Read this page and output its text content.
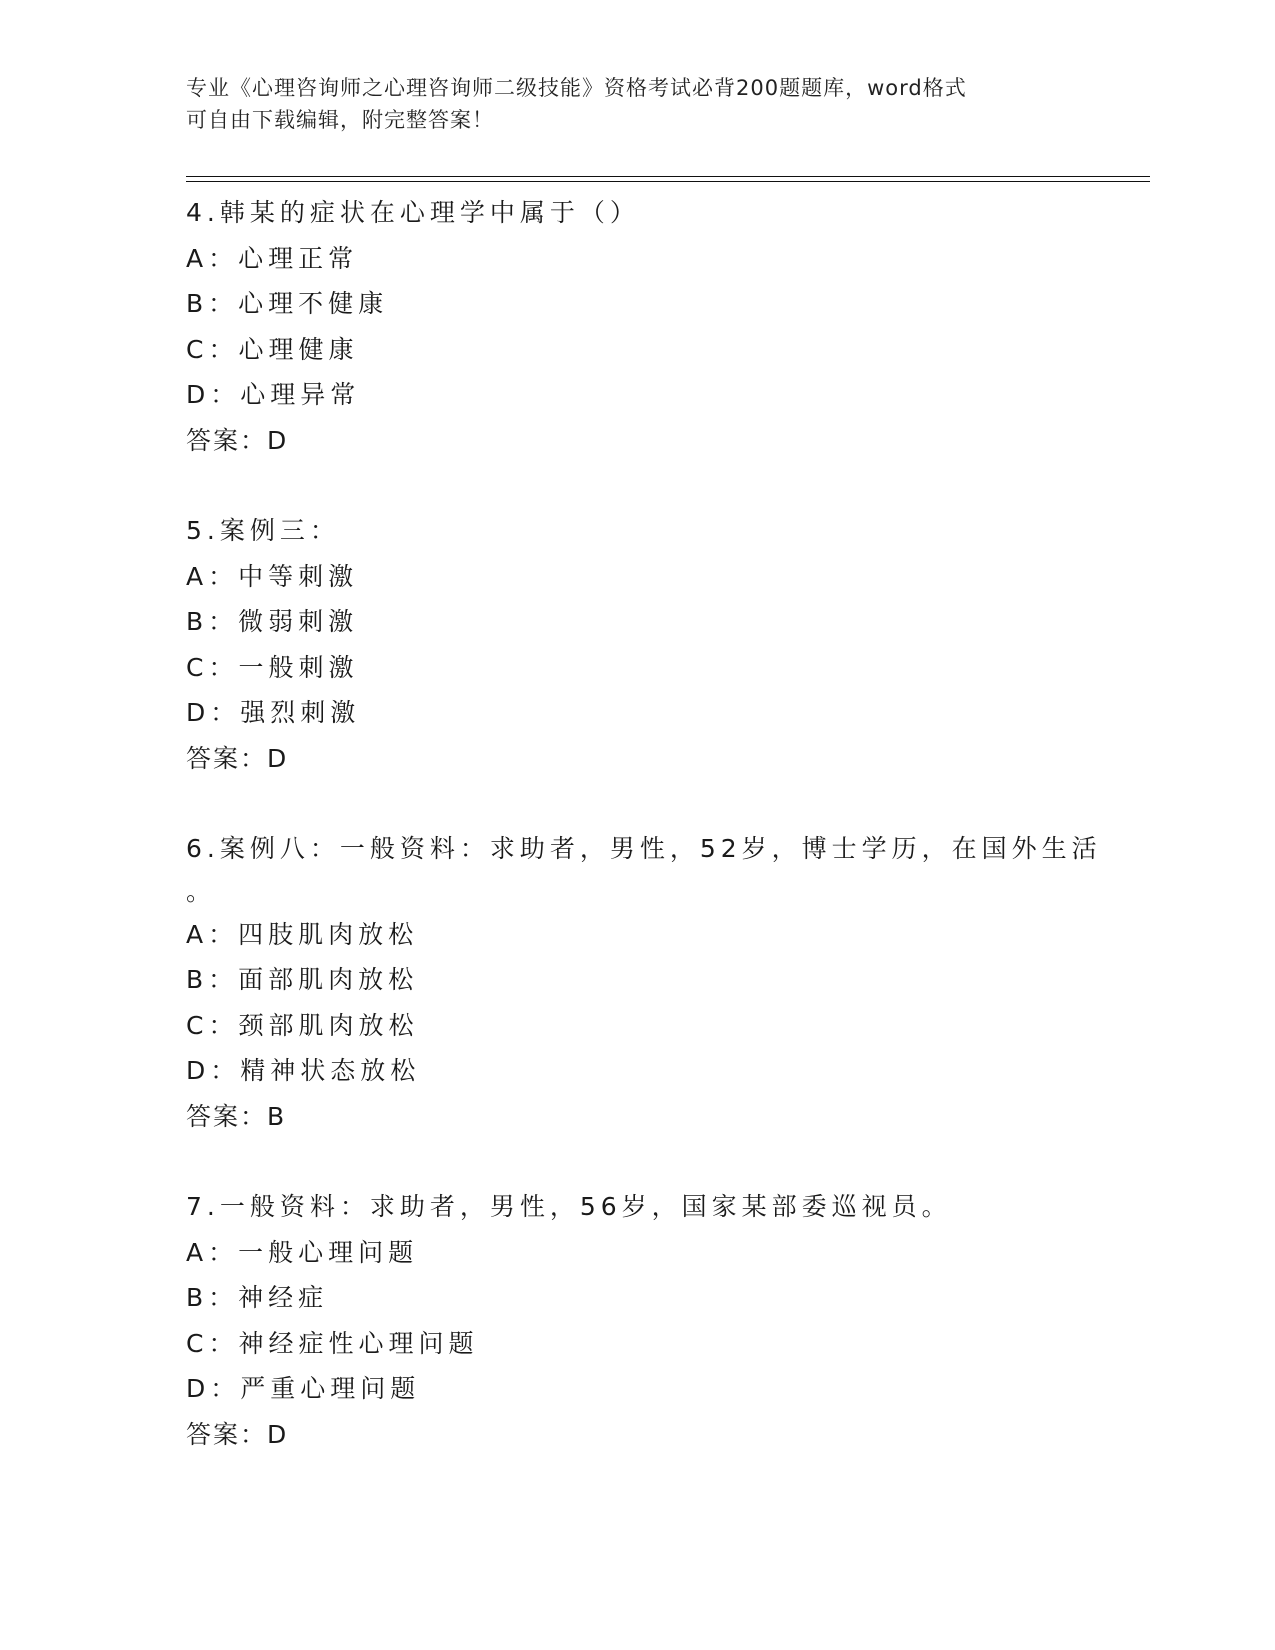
专业《心理咨询师之心理咨询师二级技能》资格考试必背200题题库，word格式
可自由下载编辑，附完整答案！
4.韩某的症状在心理学中属于（）
A：心理正常
B：心理不健康
C：心理健康
D：心理异常
答案：D
5.案例三：
A：中等刺激
B：微弱刺激
C：一般刺激
D：强烈刺激
答案：D
6.案例八：一般资料：求助者，男性，52岁，博士学历，在国外生活
。
A：四肢肌肉放松
B：面部肌肉放松
C：颈部肌肉放松
D：精神状态放松
答案：B
7.一般资料：求助者，男性，56岁，国家某部委巡视员。
A：一般心理问题
B：神经症
C：神经症性心理问题
D：严重心理问题
答案：D
